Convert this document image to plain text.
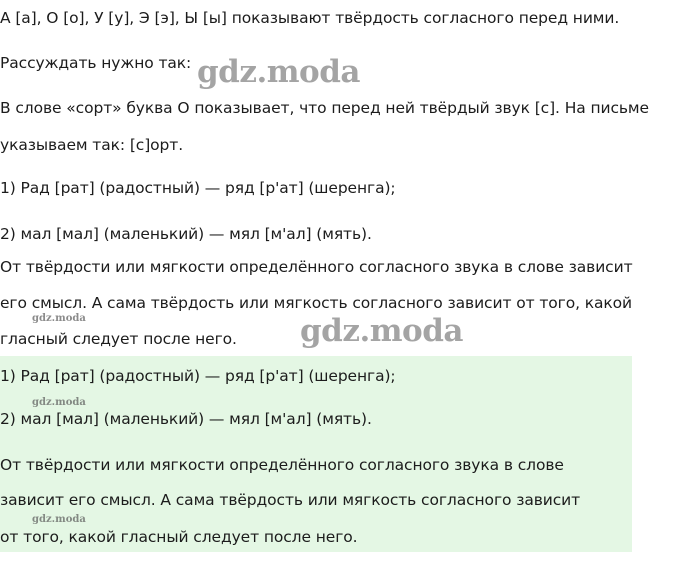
А [а], О [о], У [у], Э [э], Ы [ы] показывают твёрдость согласного перед ними.
Рассуждать нужно так:
В слове «сорт» буква О показывает, что перед ней твёрдый звук [с]. На письме
указываем так: [с]орт.
1) Рад [рат] (радостный) — ряд [р'ат] (шеренга);
2) мал [мал] (маленький) — мял [м'ал] (мять).
От твёрдости или мягкости определённого согласного звука в слове зависит
его смысл. А сама твёрдость или мягкость согласного зависит от того, какой
гласный следует после него.
1) Рад [рат] (радостный) — ряд [р'ат] (шеренга);
2) мал [мал] (маленький) — мял [м'ал] (мять).
От твёрдости или мягкости определённого согласного звука в слове
зависит его смысл. А сама твёрдость или мягкость согласного зависит
от того, какой гласный следует после него.
gdz.moda
gdz.moda
gdz.moda
gdz.moda
gdz.moda
